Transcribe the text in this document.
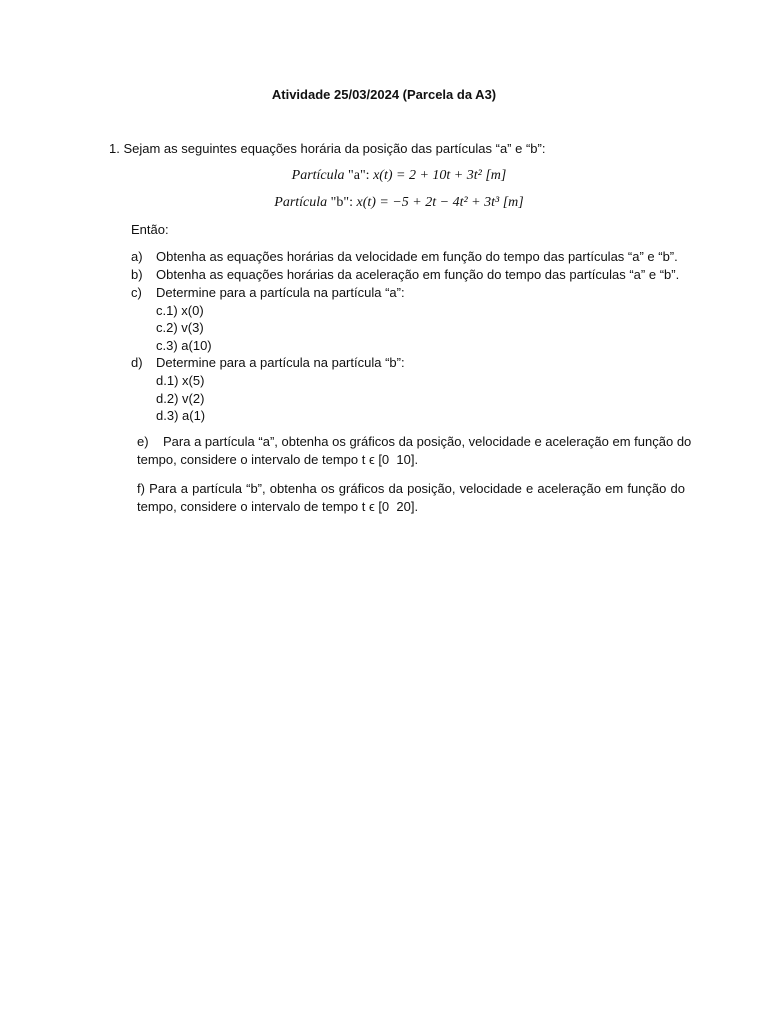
Atividade 25/03/2024 (Parcela da A3)
1. Sejam as seguintes equações horária da posição das partículas “a” e “b”:
Partícula "a": x(t) = 2 + 10t + 3t² [m]
Partícula "b": x(t) = −5 + 2t − 4t² + 3t³ [m]
Então:
a) Obtenha as equações horárias da velocidade em função do tempo das partículas “a” e “b”.
b) Obtenha as equações horárias da aceleração em função do tempo das partículas “a” e “b”.
c) Determine para a partícula na partícula “a”:
c.1) x(0)
c.2) v(3)
c.3) a(10)
d) Determine para a partícula na partícula “b”:
d.1) x(5)
d.2) v(2)
d.3) a(1)
e)    Para a partícula “a”, obtenha os gráficos da posição, velocidade e aceleração em função do
tempo, considere o intervalo de tempo t ϵ [0  10].
f) Para a partícula “b”, obtenha os gráficos da posição, velocidade e aceleração em função do
tempo, considere o intervalo de tempo t ϵ [0  20].
